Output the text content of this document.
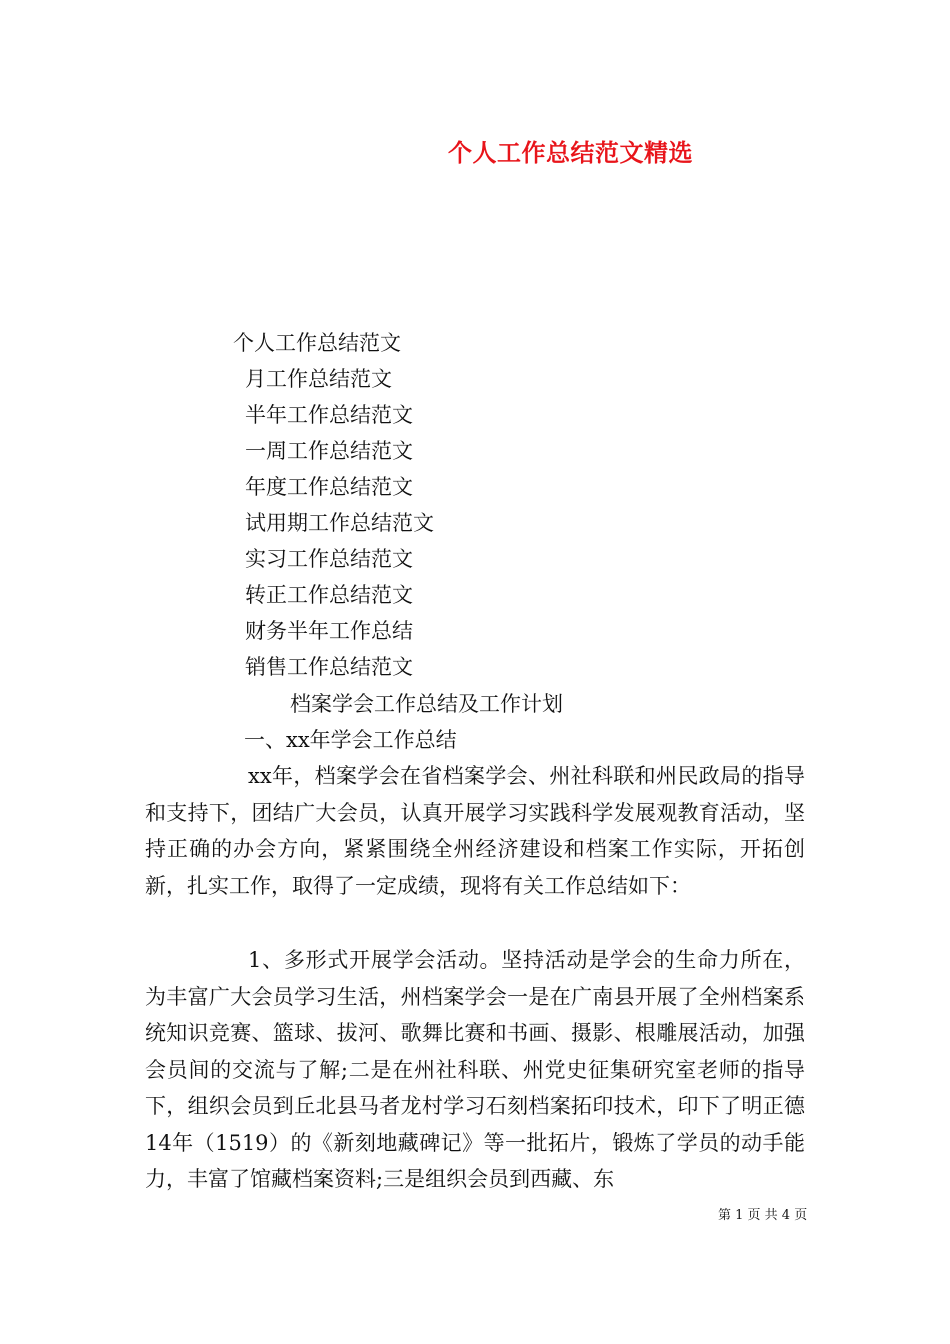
个人工作总结范文精选
个人工作总结范文
月工作总结范文
半年工作总结范文
一周工作总结范文
年度工作总结范文
试用期工作总结范文
实习工作总结范文
转正工作总结范文
财务半年工作总结
销售工作总结范文
档案学会工作总结及工作计划
一、xx年学会工作总结

xx年，档案学会在省档案学会、州社科联和州民政局的指导和支持下，团结广大会员，认真开展学习实践科学发展观教育活动，坚持正确的办会方向，紧紧围绕全州经济建设和档案工作实际，开拓创新，扎实工作，取得了一定成绩，现将有关工作总结如下：

1、多形式开展学会活动。坚持活动是学会的生命力所在，为丰富广大会员学习生活，州档案学会一是在广南县开展了全州档案系统知识竞赛、篮球、拔河、歌舞比赛和书画、摄影、根雕展活动，加强会员间的交流与了解;二是在州社科联、州党史征集研究室老师的指导下，组织会员到丘北县马者龙村学习石刻档案拓印技术，印下了明正德14年（1519）的《新刻地藏碑记》等一批拓片，锻炼了学员的动手能力，丰富了馆藏档案资料;三是组织会员到西藏、东

第 1 页 共 4 页
